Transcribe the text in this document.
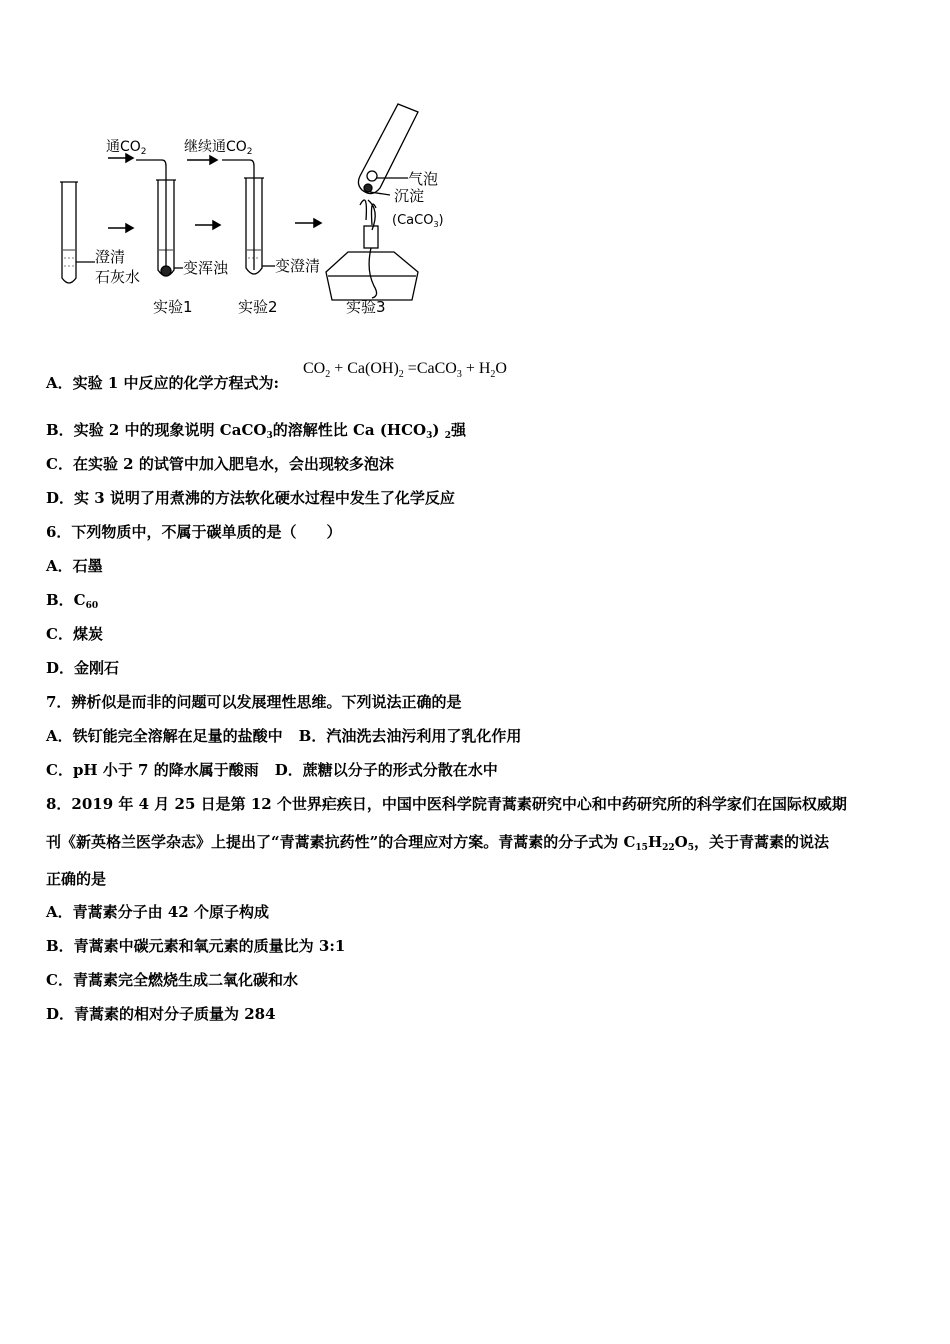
澄清
石灰水
通$CO_2$	继续通$CO_2$
变浑浊
实验1
变澄清
实验2
气泡
沉淀
(CaCO$_3$)
实验3
A．实验 1 中反应的化学方程式为:
$CO_2 + Ca(OH)_2$ =CaCO$_3$ + $H_2O$
B．实验 2 中的现象说明 CaCO$_3$的溶解性比 Ca $(HCO_3)$ $_2$强
C．在实验 2 的试管中加入肥皂水，会出现较多泡沫
D．实 3 说明了用煮沸的方法软化硬水过程中发生了化学反应
6．下列物质中，不属于碳单质的是（　　）
A．石墨
B．$C_{60}$
C．煤炭
D．金刚石
7．辨析似是而非的问题可以发展理性思维。下列说法正确的是
A．铁钉能完全溶解在足量的盐酸中 B．汽油洗去油污利用了乳化作用
C．pH 小于 7 的降水属于酸雨 D．蔗糖以分子的形式分散在水中
8．2019 年 4 月 25 日是第 12 个世界疟疾日，中国中医科学院青蒿素研究中心和中药研究所的科学家们在国际权威期
刊《新英格兰医学杂志》上提出了“青蒿素抗药性”的合理应对方案。青蒿素的分子式为 $C_{15}H_{22}O_5$，关于青蒿素的说法
正确的是
A．青蒿素分子由 42 个原子构成
B．青蒿素中碳元素和氧元素的质量比为 3:1
C．青蒿素完全燃烧生成二氧化碳和水
D．青蒿素的相对分子质量为 284
